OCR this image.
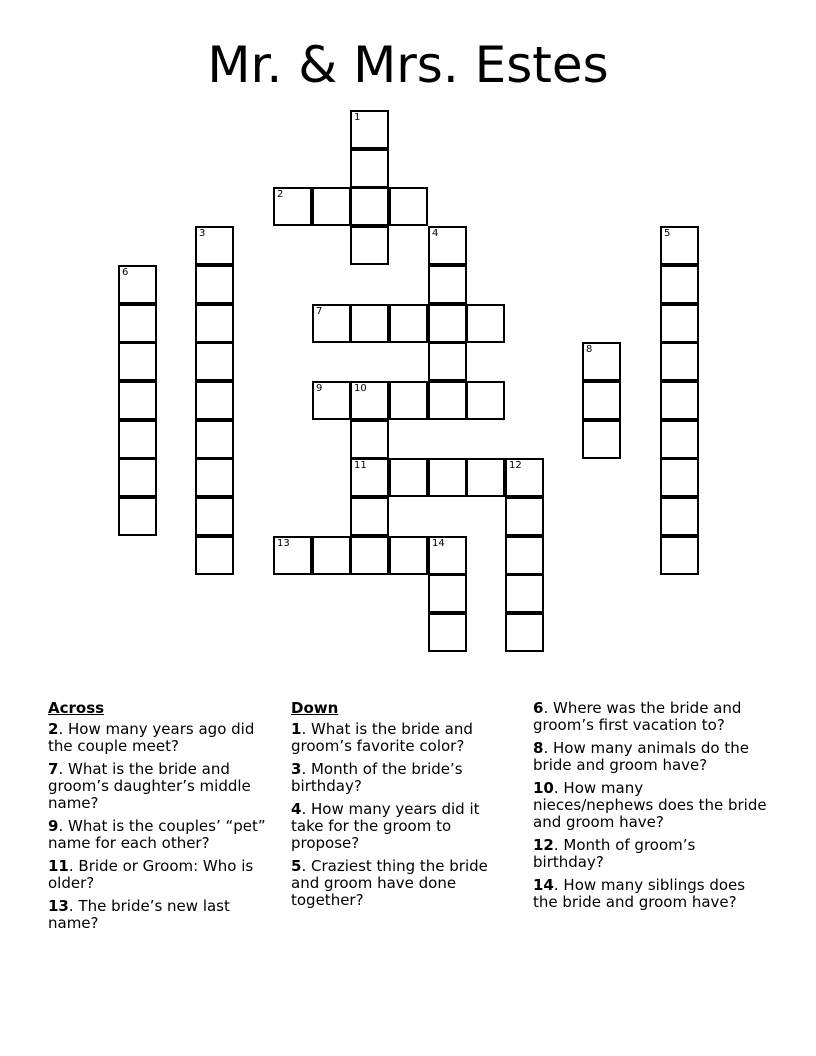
Mr. & Mrs. Estes
1
2
3	4	5
6
7
8
9	10
11	12
13	14
Across
2. How many years ago did the couple meet?
7. What is the bride and groom’s daughter’s middle name?
9. What is the couples’ “pet” name for each other?
11. Bride or Groom: Who is older?
13. The bride’s new last name?
Down
1. What is the bride and groom’s favorite color?
3. Month of the bride’s birthday?
4. How many years did it take for the groom to propose?
5. Craziest thing the bride and groom have done together?
6. Where was the bride and groom’s first vacation to?
8. How many animals do the bride and groom have?
10. How many nieces/nephews does the bride and groom have?
12. Month of groom’s birthday?
14. How many siblings does the bride and groom have?
